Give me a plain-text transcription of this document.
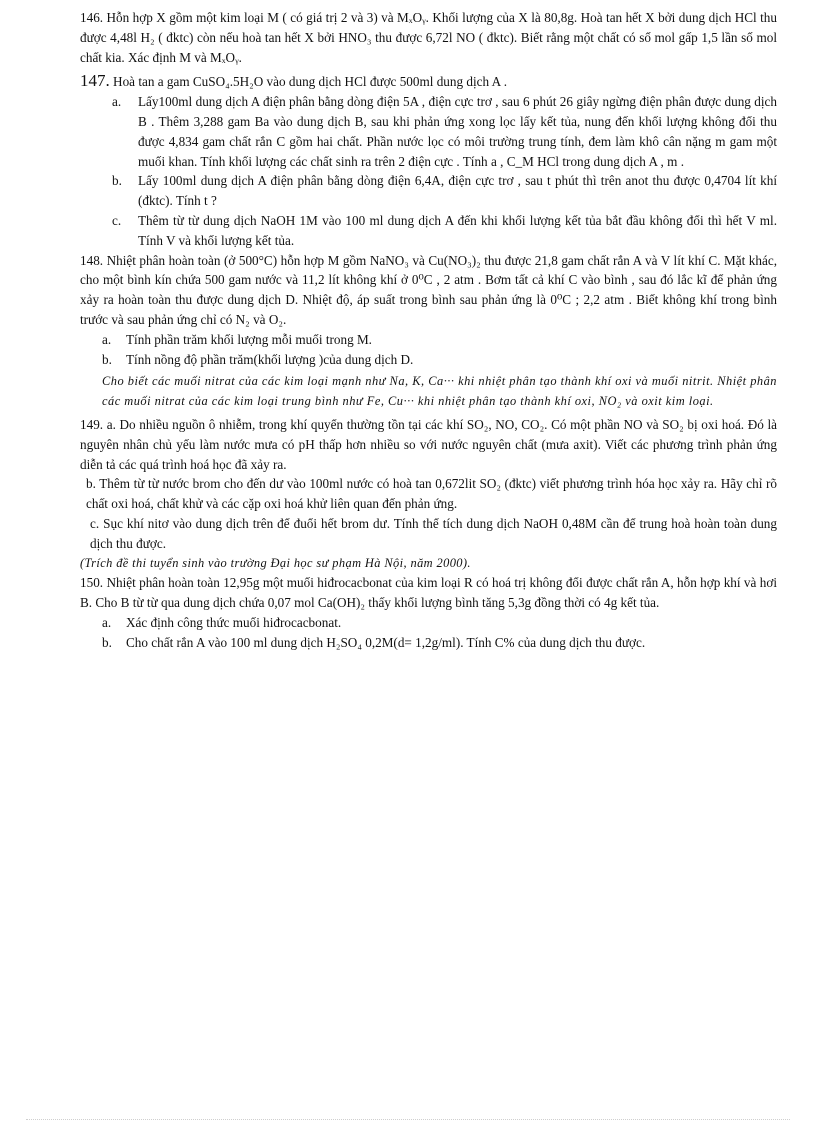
146. Hỗn hợp X gồm một kim loại M ( có giá trị 2 và 3) và MₓOᵧ. Khối lượng của X là 80,8g. Hoà tan hết X bởi dung dịch HCl thu được 4,48l H₂ ( đktc) còn nếu hoà tan hết X bởi HNO₃ thu được 6,72l NO ( đktc). Biết rằng một chất có số mol gấp 1,5 lần số mol chất kia. Xác định M và MₓOᵧ.

147. Hoà tan a gam CuSO₄.5H₂O vào dung dịch HCl được 500ml dung dịch A .

a.	Lấy100ml dung dịch A điện phân bằng dòng điện 5A , điện cực trơ , sau 6 phút 26 giây ngừng điện phân được dung dịch B . Thêm 3,288 gam Ba vào dung dịch B, sau khi phản ứng xong lọc lấy kết tủa, nung đến khối lượng không đổi thu được 4,834 gam chất rắn C gồm hai chất. Phần nước lọc có môi trường trung tính, đem làm khô cân nặng m gam một muối khan. Tính khối lượng các chất sinh ra trên 2 điện cực . Tính a , C_M HCl trong dung dịch A , m .
b.	Lấy 100ml dung dịch A điện phân bằng dòng điện 6,4A, điện cực trơ , sau t phút thì trên anot thu được 0,4704 lít khí (đktc). Tính t ?
c.	Thêm từ từ dung dịch NaOH 1M vào 100 ml dung dịch A đến khi khối lượng kết tủa bắt đầu không đổi thì hết V ml. Tính V và khối lượng kết tủa.

148. Nhiệt phân hoàn toàn (ở 500°C) hỗn hợp M gồm NaNO₃ và Cu(NO₃)₂ thu được 21,8 gam chất rắn A và V lít khí C. Mặt khác, cho một bình kín chứa 500 gam nước và 11,2 lít không khí ở 0⁰C , 2 atm . Bơm tất cả khí C vào bình , sau đó lắc kĩ để phản ứng xảy ra hoàn toàn thu được dung dịch D. Nhiệt độ, áp suất trong bình sau phản ứng là 0⁰C ; 2,2 atm . Biết không khí trong bình trước và sau phản ứng chỉ có N₂ và O₂.

a.	Tính phần trăm khối lượng mỗi muối trong M.
b.	Tính nồng độ phần trăm(khối lượng )của dung dịch D.

Cho biết các muối nitrat của các kim loại mạnh như Na, K, Ca··· khi nhiệt phân tạo thành khí oxi và muối nitrit. Nhiệt phân các muối nitrat của các kim loại trung bình như Fe, Cu··· khi nhiệt phân tạo thành khí oxi, NO₂ và oxit kim loại.

149. a. Do nhiều nguồn ô nhiễm, trong khí quyển thường tồn tại các khí SO₂, NO, CO₂. Có một phần NO và SO₂ bị oxi hoá. Đó là nguyên nhân chủ yếu làm nước mưa có pH thấp hơn nhiều so với nước nguyên chất (mưa axit). Viết các phương trình phản ứng diễn tả các quá trình hoá học đã xảy ra.

b. Thêm từ từ nước brom cho đến dư vào 100ml nước có hoà tan 0,672lit SO₂ (đktc) viết phương trình hóa học xảy ra. Hãy chỉ rõ chất oxi hoá, chất khử và các cặp oxi hoá khử liên quan đến phản ứng.

c. Sục khí nitơ vào dung dịch trên để đuổi hết brom dư. Tính thể tích dung dịch NaOH 0,48M cần để trung hoà hoàn toàn dung dịch thu được.

(Trích đề thi tuyển sinh vào trường Đại học sư phạm Hà Nội, năm 2000).

150. Nhiệt phân hoàn toàn 12,95g một muối hiđrocacbonat của kim loại R có hoá trị không đổi được chất rắn A, hỗn hợp khí và hơi B. Cho B từ từ qua dung dịch chứa 0,07 mol Ca(OH)₂ thấy khối lượng bình tăng 5,3g đồng thời có 4g kết tủa.

a.	Xác định công thức muối hiđrocacbonat.
b.	Cho chất rắn A vào 100 ml dung dịch H₂SO₄ 0,2M(d= 1,2g/ml). Tính C% của dung dịch thu được.
